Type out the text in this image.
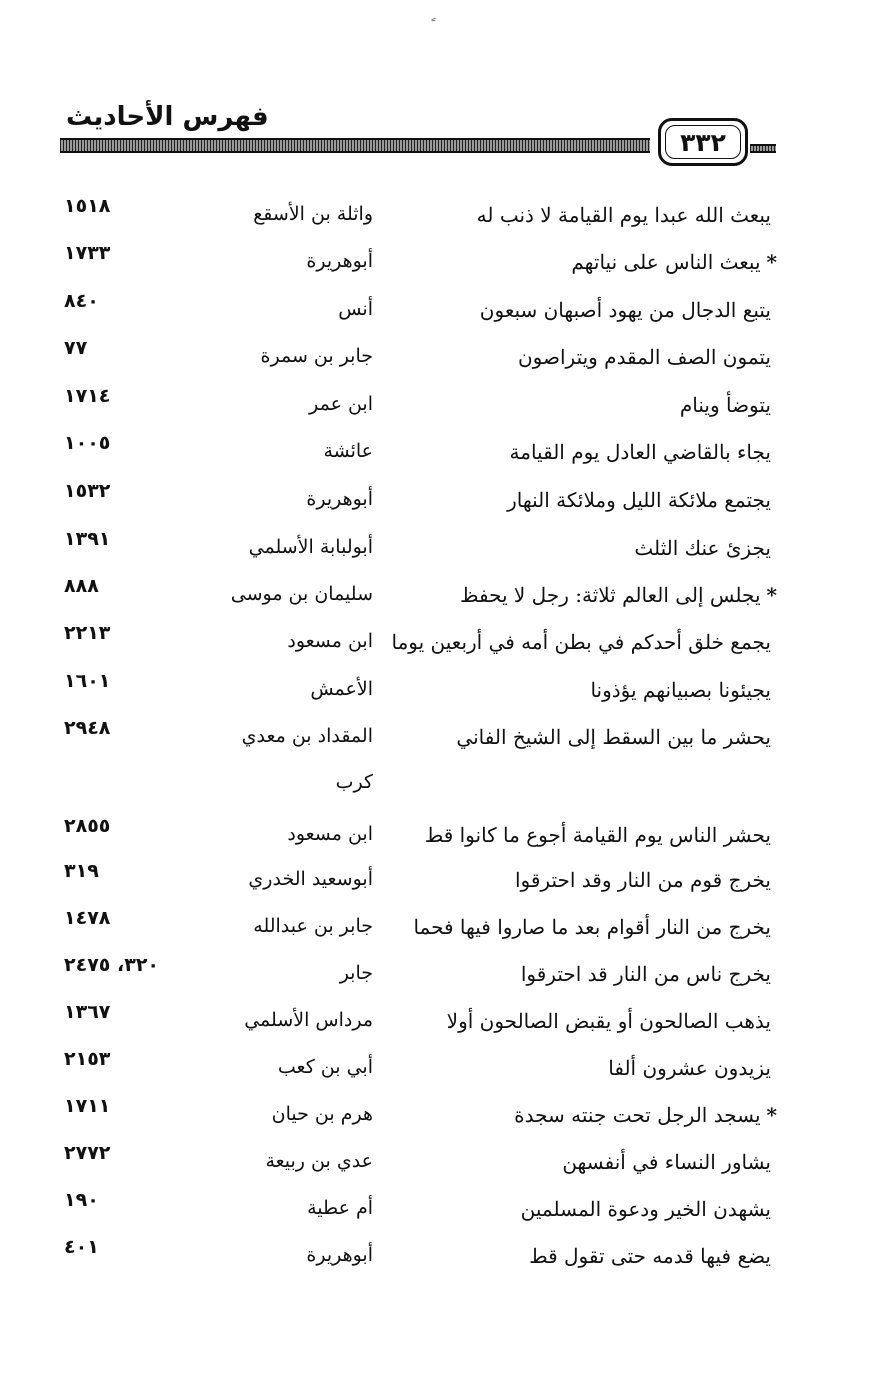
فهرس الأحاديث
٣٣٢
يبعث الله عبدا يوم القيامة لا ذنب له
واثلة بن الأسقع
١٥١٨
*يبعث الناس على نياتهم
أبوهريرة
١٧٣٣
يتبع الدجال من يهود أصبهان سبعون
أنس
٨٤٠
يتمون الصف المقدم ويتراصون
جابر بن سمرة
٧٧
يتوضأ وينام
ابن عمر
١٧١٤
يجاء بالقاضي العادل يوم القيامة
عائشة
١٠٠٥
يجتمع ملائكة الليل وملائكة النهار
أبوهريرة
١٥٣٢
يجزئ عنك الثلث
أبولبابة الأسلمي
١٣٩١
*يجلس إلى العالم ثلاثة: رجل لا يحفظ
سليمان بن موسى
٨٨٨
يجمع خلق أحدكم في بطن أمه في أربعين يوما
ابن مسعود
٢٢١٣
يجيئونا بصبيانهم يؤذونا
الأعمش
١٦٠١
يحشر ما بين السقط إلى الشيخ الفاني
المقداد بن معدي
٢٩٤٨
كرب
يحشر الناس يوم القيامة أجوع ما كانوا قط
ابن مسعود
٢٨٥٥
يخرج قوم من النار وقد احترقوا
أبوسعيد الخدري
٣١٩
يخرج من النار أقوام بعد ما صاروا فيها فحما
جابر بن عبدالله
١٤٧٨
يخرج ناس من النار قد احترقوا
جابر
٣٢٠، ٢٤٧٥
يذهب الصالحون أو يقبض الصالحون أولا
مرداس الأسلمي
١٣٦٧
يزيدون عشرون ألفا
أبي بن كعب
٢١٥٣
*يسجد الرجل تحت جنته سجدة
هرم بن حيان
١٧١١
يشاور النساء في أنفسهن
عدي بن ربيعة
٢٧٧٢
يشهدن الخير ودعوة المسلمين
أم عطية
١٩٠
يضع فيها قدمه حتى تقول قط
أبوهريرة
٤٠١
